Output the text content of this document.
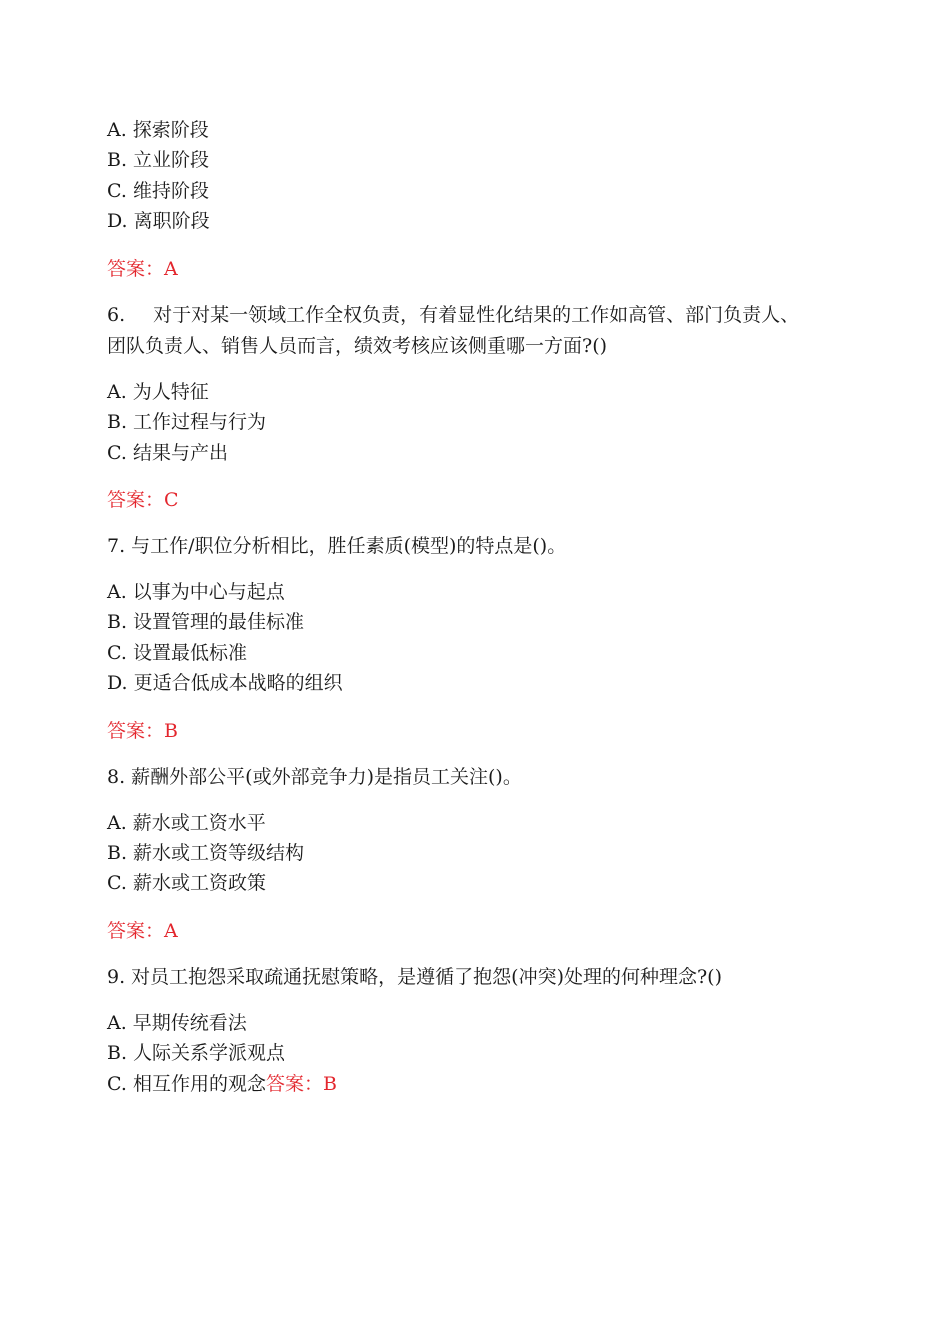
A. 探索阶段
B. 立业阶段
C. 维持阶段
D. 离职阶段
答案：A
6. 对于对某一领域工作全权负责，有着显性化结果的工作如高管、部门负责人、
团队负责人、销售人员而言，绩效考核应该侧重哪一方面?()
A. 为人特征
B. 工作过程与行为
C. 结果与产出
答案：C
7. 与工作/职位分析相比，胜任素质(模型)的特点是()。
A. 以事为中心与起点
B. 设置管理的最佳标准
C. 设置最低标准
D. 更适合低成本战略的组织
答案：B
8. 薪酬外部公平(或外部竞争力)是指员工关注()。
A. 薪水或工资水平
B. 薪水或工资等级结构
C. 薪水或工资政策
答案：A
9. 对员工抱怨采取疏通抚慰策略，是遵循了抱怨(冲突)处理的何种理念?()
A. 早期传统看法
B. 人际关系学派观点
C. 相互作用的观念答案：B
